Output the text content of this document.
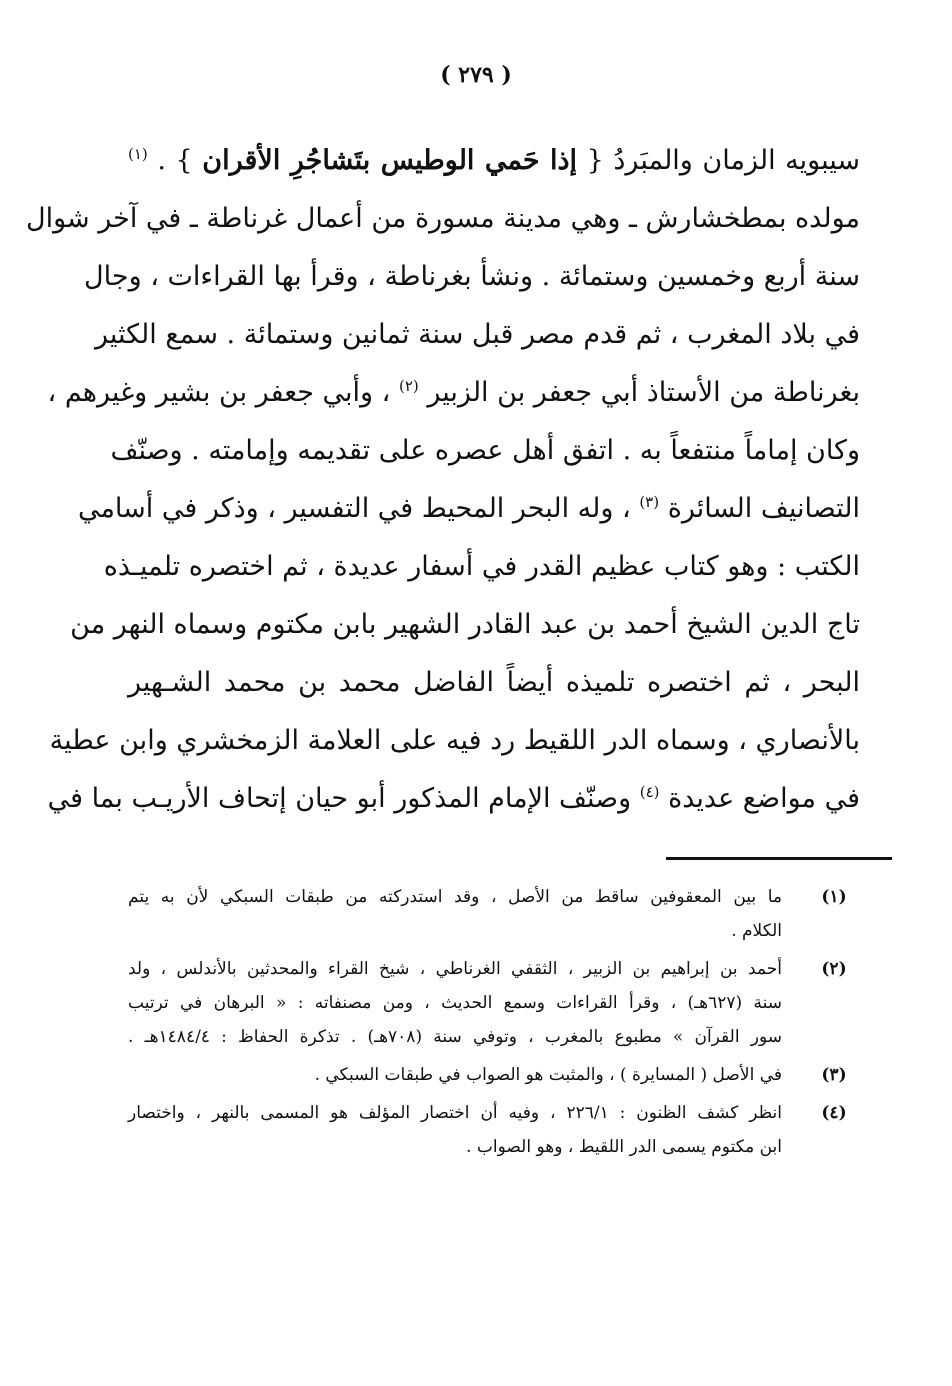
( ٢٧٩ )
سيبويه الزمان والمبَردُ { إذا حَمي الوطيس بتَشاجُرِ الأقران } . $^{(١)}$
مولده بمطخشارش ـ وهي مدينة مسورة من أعمال غرناطة ـ في آخر شوال
سنة أربع وخمسين وستمائة . ونشأ بغرناطة ، وقرأ بها القراءات ، وجال
في بلاد المغرب ، ثم قدم مصر قبل سنة ثمانين وستمائة . سمع الكثير
بغرناطة من الأستاذ أبي جعفر بن الزبير $^{(٢)}$ ، وأبي جعفر بن بشير وغيرهم ،
وكان إماماً منتفعاً به . اتفق أهل عصره على تقديمه وإمامته . وصنّف
التصانيف السائرة $^{(٣)}$ ، وله البحر المحيط في التفسير ، وذكر في أسامي
الكتب : وهو كتاب عظيم القدر في أسفار عديدة ، ثم اختصره تلميـذه
تاج الدين الشيخ أحمد بن عبد القادر الشهير بابن مكتوم وسماه النهر من
البحر ، ثم اختصره تلميذه أيضاً الفاضل محمد بن محمد الشـهير
بالأنصاري ، وسماه الدر اللقيط رد فيه على العلامة الزمخشري وابن عطية
في مواضع عديدة $^{(٤)}$ وصنّف الإمام المذكور أبو حيان إتحاف الأريـب بما في
(١)
ما بين المعقوفين ساقط من الأصل ، وقد استدركته من طبقات السبكي لأن به يتم
الكلام .
(٢)
أحمد بن إبراهيم بن الزبير ، الثقفي الغرناطي ، شيخ القراء والمحدثين بالأندلس ، ولد
سنة (٦٢٧هـ) ، وقرأ القراءات وسمع الحديث ، ومن مصنفاته : « البرهان في ترتيب
سور القرآن » مطبوع بالمغرب ، وتوفي سنة (٧٠٨هـ) . تذكرة الحفاظ : ١٤٨٤/٤هـ .
(٣)
في الأصل ( المسايرة ) ، والمثبت هو الصواب في طبقات السبكي .
(٤)
انظر كشف الظنون : ٢٢٦/١ ، وفيه أن اختصار المؤلف هو المسمى بالنهر ، واختصار
ابن مكتوم يسمى الدر اللقيط ، وهو الصواب .
